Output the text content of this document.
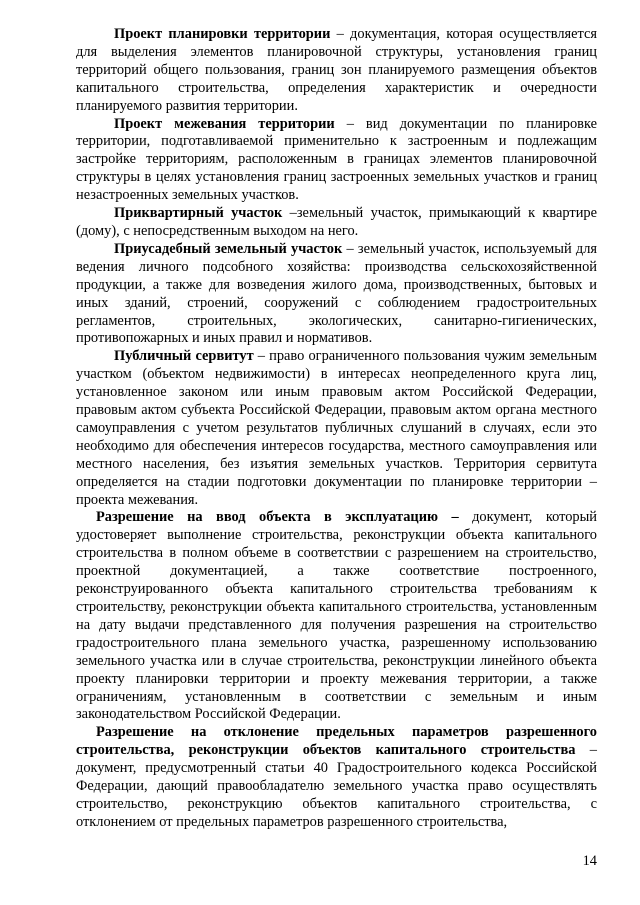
Проект планировки территории – документация, которая осуществляется для выделения элементов планировочной структуры, установления границ территорий общего пользования, границ зон планируемого размещения объектов капитального строительства, определения характеристик и очередности планируемого развития территории.

Проект межевания территории – вид документации по планировке территории, подготавливаемой применительно к застроенным и подлежащим застройке территориям, расположенным в границах элементов планировочной структуры в целях установления границ застроенных земельных участков и границ незастроенных земельных участков.

Приквартирный участок –земельный участок, примыкающий к квартире (дому), с непосредственным выходом на него.

Приусадебный земельный участок – земельный участок, используемый для ведения личного подсобного хозяйства: производства сельскохозяйственной продукции, а также для возведения жилого дома, производственных, бытовых и иных зданий, строений, сооружений с соблюдением градостроительных регламентов, строительных, экологических, санитарно-гигиенических, противопожарных и иных правил и нормативов.

Публичный сервитут – право ограниченного пользования чужим земельным участком (объектом недвижимости) в интересах неопределенного круга лиц, установленное законом или иным правовым актом Российской Федерации, правовым актом субъекта Российской Федерации, правовым актом органа местного самоуправления с учетом результатов публичных слушаний в случаях, если это необходимо для обеспечения интересов государства, местного самоуправления или местного населения, без изъятия земельных участков. Территория сервитута определяется на стадии подготовки документации по планировке территории – проекта межевания.

Разрешение на ввод объекта в эксплуатацию – документ, который удостоверяет выполнение строительства, реконструкции объекта капитального строительства в полном объеме в соответствии с разрешением на строительство, проектной документацией, а также соответствие построенного, реконструированного объекта капитального строительства требованиям к строительству, реконструкции объекта капитального строительства, установленным на дату выдачи представленного для получения разрешения на строительство градостроительного плана земельного участка, разрешенному использованию земельного участка или в случае строительства, реконструкции линейного объекта проекту планировки территории и проекту межевания территории, а также ограничениям, установленным в соответствии с земельным и иным законодательством Российской Федерации.

Разрешение на отклонение предельных параметров разрешенного строительства, реконструкции объектов капитального строительства – документ, предусмотренный статьи 40 Градостроительного кодекса Российской Федерации, дающий правообладателю земельного участка право осуществлять строительство, реконструкцию объектов капитального строительства, с отклонением от предельных параметров разрешенного строительства,

14
